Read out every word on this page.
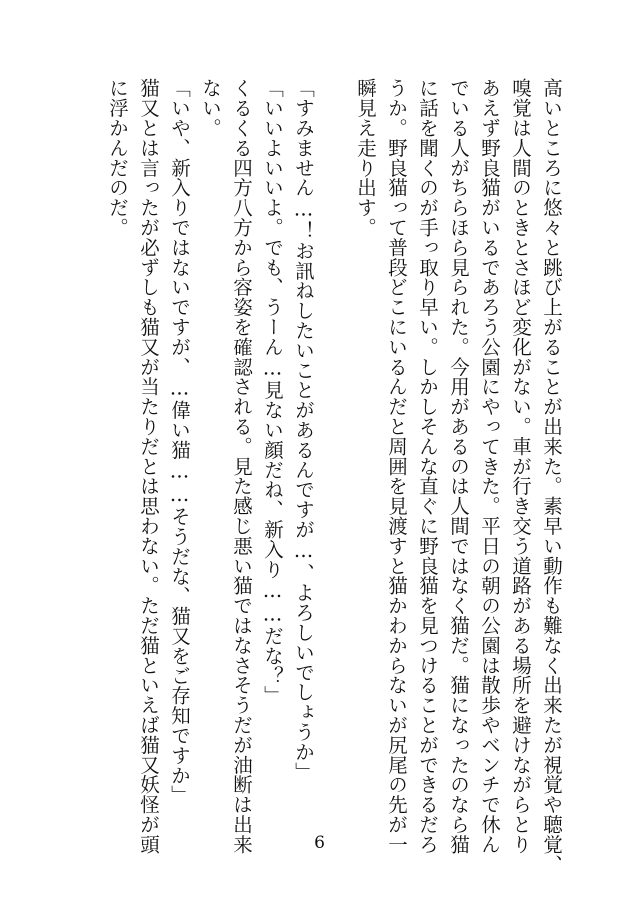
高いところに悠々と跳び上がることが出来た。素早い動作も難なく出来たが視覚や聴覚、
嗅覚は人間のときとさほど変化がない。車が行き交う道路がある場所を避けながらとり
あえず野良猫がいるであろう公園にやってきた。平日の朝の公園は散歩やベンチで休ん
でいる人がちらほら見られた。今用があるのは人間ではなく猫だ。猫になったのなら猫
に話を聞くのが手っ取り早い。しかしそんな直ぐに野良猫を見つけることができるだろ
うか。野良猫って普段どこにいるんだと周囲を見渡すと猫かわからないが尻尾の先が一
瞬見え走り出す。
「すみません…！お訊ねしたいことがあるんですが…、よろしいでしょうか」
「いいよいいよ。でも、うーん…見ない顔だね、新入り……だな？」
くるくる四方八方から容姿を確認される。見た感じ悪い猫ではなさそうだが油断は出来
ない。
「いや、新入りではないですが、…偉い猫……そうだな、猫又をご存知ですか」
猫又とは言ったが必ずしも猫又が当たりだとは思わない。ただ猫といえば猫又妖怪が頭
に浮かんだのだ。
6
